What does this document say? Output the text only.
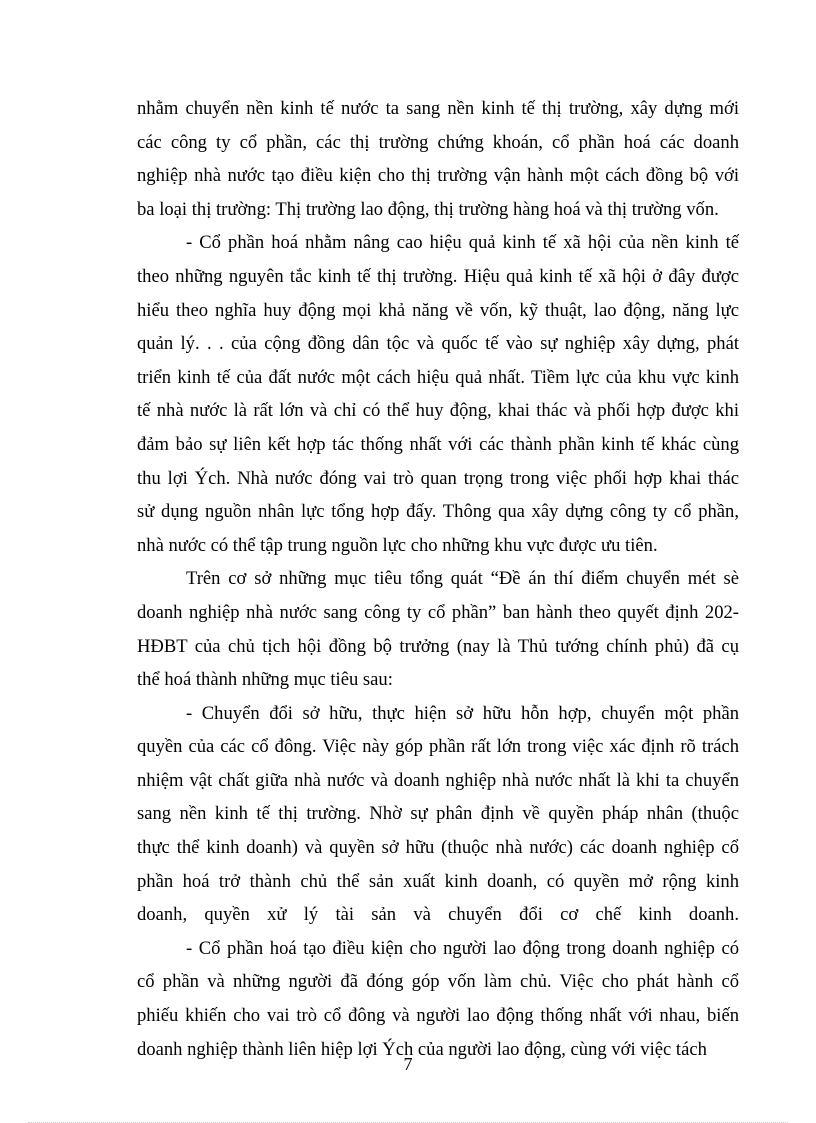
nhằm chuyển nền kinh tế nước ta sang nền kinh tế thị trường, xây dựng mới
các công ty cổ phần, các thị trường chứng khoán, cổ phần hoá các doanh
nghiệp nhà nước tạo điều kiện cho thị trường vận hành một cách đồng bộ với
ba loại thị trường: Thị trường lao động, thị trường hàng hoá và thị trường vốn.
- Cổ phần hoá nhằm nâng cao hiệu quả kinh tế xã hội của nền kinh tế
theo những nguyên tắc kinh tế thị trường. Hiệu quả kinh tế xã hội ở đây được
hiểu theo nghĩa huy động mọi khả năng về vốn, kỹ thuật, lao động, năng lực
quản lý. . . của cộng đồng dân tộc và quốc tế vào sự nghiệp xây dựng, phát
triển kinh tế của đất nước một cách hiệu quả nhất. Tiềm lực của khu vực kinh
tế nhà nước là rất lớn và chỉ có thể huy động, khai thác và phối hợp được khi
đảm bảo sự liên kết hợp tác thống nhất với các thành phần kinh tế khác cùng
thu lợi Ých. Nhà nước đóng vai trò quan trọng trong việc phối hợp khai thác
sử dụng nguồn nhân lực tổng hợp đấy. Thông qua xây dựng công ty cổ phần,
nhà nước có thể tập trung nguồn lực cho những khu vực được ưu tiên.
Trên cơ sở những mục tiêu tổng quát “Đề án thí điểm chuyển mét sè
doanh nghiệp nhà nước sang công ty cổ phần” ban hành theo quyết định 202-
HĐBT của chủ tịch hội đồng bộ trưởng (nay là Thủ tướng chính phủ) đã cụ
thể hoá thành những mục tiêu sau:
- Chuyển đổi sở hữu, thực hiện sở hữu hỗn hợp, chuyển một phần
quyền của các cổ đông. Việc này góp phần rất lớn trong việc xác định rõ trách
nhiệm vật chất giữa nhà nước và doanh nghiệp nhà nước nhất là khi ta chuyển
sang nền kinh tế thị trường. Nhờ sự phân định về quyền pháp nhân (thuộc
thực thể kinh doanh) và quyền sở hữu (thuộc nhà nước) các doanh nghiệp cổ
phần hoá trở thành chủ thể sản xuất kinh doanh, có quyền mở rộng kinh
doanh, quyền xử lý tài sản và chuyển đổi cơ chế kinh doanh.
- Cổ phần hoá tạo điều kiện cho người lao động trong doanh nghiệp có
cổ phần và những người đã đóng góp vốn làm chủ. Việc cho phát hành cổ
phiếu khiến cho vai trò cổ đông và người lao động thống nhất với nhau, biến
doanh nghiệp thành liên hiệp lợi Ých của người lao động, cùng với việc tách
7
